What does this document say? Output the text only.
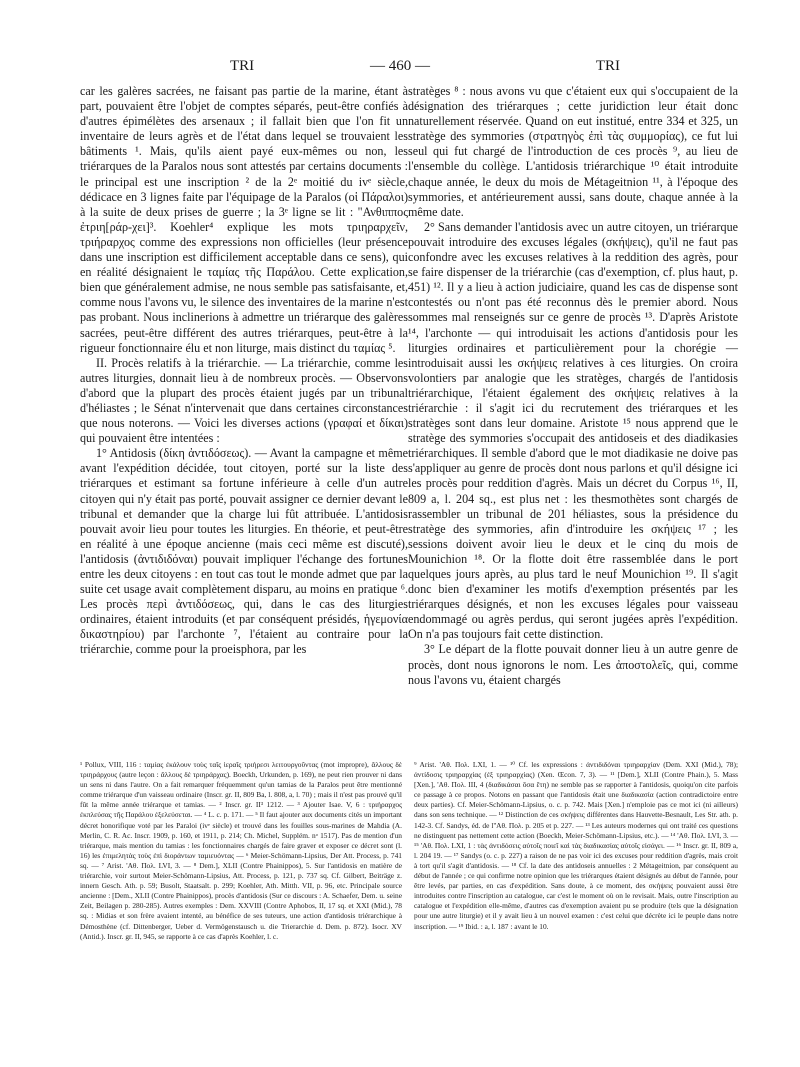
TRI	— 460 —	TRI

car les galères sacrées, ne faisant pas partie de la marine, étant à part, pouvaient être l'objet de comptes séparés, peut-être confiés à d'autres épimélètes des arsenaux ; il fallait bien que l'on fit un inventaire de leurs agrès et de l'état dans lequel se trouvaient les bâtiments ¹. Mais, qu'ils aient payé eux-mêmes ou non, les triérarques de la Paralos nous sont attestés par certains documents : le principal est une inscription ² de la 2ᵉ moitié du ivᵉ siècle, dédicace en 3 lignes faite par l'équipage de la Paralos (οἱ Πάραλοι) à la suite de deux prises de guerre ; la 3ᵉ ligne se lit : "Ανθιππος ἐτριη[ράρ-χει]³. Koehler⁴ explique les mots τριηραρχεῖν, τριήραρχος comme des expressions non officielles (leur présence dans une inscription est difficilement acceptable dans ce sens), qui en réalité désignaient le ταμίας τῆς Παράλου. Cette explication, bien que généralement admise, ne nous semble pas satisfaisante, et, comme nous l'avons vu, le silence des inventaires de la marine n'est pas probant. Nous inclinerions à admettre un triérarque des galères sacrées, peut-être différent des autres triérarques, peut-être à la rigueur fonctionnaire élu et non liturge, mais distinct du ταμίας ⁵.

II. Procès relatifs à la triérarchie. — La triérarchie, comme les autres liturgies, donnait lieu à de nombreux procès. — Observons d'abord que la plupart des procès étaient jugés par un tribunal d'héliastes ; le Sénat n'intervenait que dans certaines circonstances que nous noterons. — Voici les diverses actions (γραφαί et δίκαι) qui pouvaient être intentées :

1° Antidosis (δίκη ἀντιδόσεως). — Avant la campagne et même avant l'expédition décidée, tout citoyen, porté sur la liste des triérarques et estimant sa fortune inférieure à celle d'un autre citoyen qui n'y était pas porté, pouvait assigner ce dernier devant le tribunal et demander que la charge lui fût attribuée. L'antidosis pouvait avoir lieu pour toutes les liturgies. En théorie, et peut-être en réalité à une époque ancienne (mais ceci même est discuté), l'antidosis (ἀντιδιδόναι) pouvait impliquer l'échange des fortunes entre les deux citoyens : en tout cas tout le monde admet que par la suite cet usage avait complètement disparu, au moins en pratique ⁶. Les procès περὶ ἀντιδόσεως, qui, dans le cas des liturgies ordinaires, étaient introduits (et par conséquent présidés, ἡγεμονία δικαστηρίου) par l'archonte ⁷, l'étaient au contraire pour la triérarchie, comme pour la proeisphora, par les

stratèges ⁸ : nous avons vu que c'étaient eux qui s'occupaient de la désignation des triérarques ; cette juridiction leur était donc naturellement réservée. Quand on eut institué, entre 334 et 325, un stratège des symmories (στρατηγὸς ἐπὶ τὰς συμμορίας), ce fut lui seul qui fut chargé de l'introduction de ces procès ⁹, au lieu de l'ensemble du collège. L'antidosis triérarchique ¹⁰ était introduite chaque année, le deux du mois de Métageitnion ¹¹, à l'époque des symmories, et antérieurement aussi, sans doute, chaque année à la même date.

2° Sans demander l'antidosis avec un autre citoyen, un triérarque pouvait introduire des excuses légales (σκήψεις), qu'il ne faut pas confondre avec les excuses relatives à la reddition des agrès, pour se faire dispenser de la triérarchie (cas d'exemption, cf. plus haut, p. 451) ¹². Il y a lieu à action judiciaire, quand les cas de dispense sont contestés ou n'ont pas été reconnus dès le premier abord. Nous sommes mal renseignés sur ce genre de procès ¹³. D'après Aristote ¹⁴, l'archonte — qui introduisait les actions d'antidosis pour les liturgies ordinaires et particulièrement pour la chorégie — introduisait aussi les σκήψεις relatives à ces liturgies. On croira volontiers par analogie que les stratèges, chargés de l'antidosis triérarchique, l'étaient également des σκήψεις relatives à la triérarchie : il s'agit ici du recrutement des triérarques et les stratèges sont dans leur domaine. Aristote ¹⁵ nous apprend que le stratège des symmories s'occupait des antidoseis et des diadikasies triérarchiques. Il semble d'abord que le mot diadikasie ne doive pas s'appliquer au genre de procès dont nous parlons et qu'il désigne ici les procès pour reddition d'agrès. Mais un décret du Corpus ¹⁶, II, 809 a, l. 204 sq., est plus net : les thesmothètes sont chargés de rassembler un tribunal de 201 héliastes, sous la présidence du stratège des symmories, afin d'introduire les σκήψεις ¹⁷ ; les sessions doivent avoir lieu le deux et le cinq du mois de Mounichion ¹⁸. Or la flotte doit être rassemblée dans le port quelques jours après, au plus tard le neuf Mounichion ¹⁹. Il s'agit donc bien d'examiner les motifs d'exemption présentés par les triérarques désignés, et non les excuses légales pour vaisseau endommagé ou agrès perdus, qui seront jugées après l'expédition. On n'a pas toujours fait cette distinction.

3° Le départ de la flotte pouvait donner lieu à un autre genre de procès, dont nous ignorons le nom. Les ἀποστολεῖς, qui, comme nous l'avons vu, étaient chargés

¹ Pollux, VIII, 116 : ταμίας ἐκάλουν τοὺς ταῖς ἱεραῖς τριήρεσι λειτουργοῦντας (mot impropre), ἄλλους δὲ τριηράρχους (autre leçon : ἄλλους δὲ τριηράρχας). Boeckh, Urkunden, p. 169), ne peut rien prouver ni dans un sens ni dans l'autre. On a fait remarquer fréquemment qu'un tamias de la Paralos peut être mentionné comme triérarque d'un vaisseau ordinaire (Inscr. gr. II, 809 Ba, l. 808, a, l. 70) ; mais il n'est pas prouvé qu'il fût la même année triérarque et tamias. — ² Inscr. gr. II³ 1212. — ³ Ajouter Isae. V, 6 : τριήραρχος ἐκπλεύσας τῆς Παράλου ἐξελεύσεται. — ⁴ L. c. p. 171. — ⁵ Il faut ajouter aux documents cités un important décret honorifique voté par les Paraloi (ivᵉ siècle) et trouvé dans les fouilles sous-marines de Mahdia (A. Merlin, C. R. Ac. Inscr. 1909, p. 160, et 1911, p. 214; Ch. Michel, Supplém. nᵒ 1517). Pas de mention d'un triérarque, mais mention du tamias : les fonctionnaires chargés de faire graver et exposer ce décret sont (l. 16) les ἐπιμελητὰς τοὺς ἐπὶ διοράντων ταμιευόντας — ⁶ Meier-Schömann-Lipsius, Der Att. Process, p. 741 sq. — ⁷ Arist. 'Αθ. Πολ. LVI, 3. — ⁸ Dem.], XLII (Contre Phainippos), 5. Sur l'antidosis en matière de triérarchie, voir surtout Meier-Schömann-Lipsius, Att. Process, p. 121, p. 737 sq. Cf. Gilbert, Beiträge z. innern Gesch. Ath. p. 59; Busolt, Staatsalt. p. 299; Koehler, Ath. Mitth. VII, p. 96, etc. Principale source ancienne : [Dem., XLII (Contre Phainippos), procès d'antidosis (Sur ce discours : A. Schaefer, Dem. u. seine Zeit, Beilagen p. 280-285). Autres exemples : Dem. XXVIII (Contre Aphobos, II, 17 sq. et XXI (Mid.), 78 sq. : Midias et son frère avaient intenté, au bénéfice de ses tuteurs, une action d'antidosis triérarchique à Démosthène (cf. Dittenberger, Ueber d. Vermögenstausch u. die Trierarchie d. Dem. p. 872). Isocr. XV (Antid.). Inscr. gr. II, 945, se rapporte à ce cas d'après Koehler, l. c.

⁹ Arist. 'Αθ. Πολ. LXI, 1. — ¹⁰ Cf. les expressions : ἀντιδιδόναι τριηραρχίαν (Dem. XXI (Mid.), 78); ἀντίδοσις τριηραρχίας (ἐξ τριηραρχίας) (Xen. Œcon. 7, 3). — ¹¹ [Dem.], XLII (Contre Phain.), 5. Mass [Xen.], 'Αθ. Πολ. III, 4 (διαδικάσαι ὅσα ἔτη) ne semble pas se rapporter à l'antidosis, quoiqu'on cite parfois ce passage à ce propos. Notons en passant que l'antidosis était une διαδικασία (action contradictoire entre deux parties). Cf. Meier-Schömann-Lipsius, o. c. p. 742. Mais [Xen.] n'emploie pas ce mot ici (ni ailleurs) dans son sens technique. — ¹² Distinction de ces σκήψεις différentes dans Hauvette-Besnault, Les Str. ath. p. 142-3. Cf. Sandys, éd. de l''Αθ. Πολ. p. 205 et p. 227. — ¹³ Les auteurs modernes qui ont traité ces questions ne distinguent pas nettement cette action (Boeckh, Meier-Schömann-Lipsius, etc.). — ¹⁴ 'Αθ. Πολ. LVI, 3. — ¹⁵ 'Αθ. Πολ. LXI, 1 : τὰς ἀντιδόσεις αὐτοῖς ποιεῖ καὶ τὰς διαδικασίας αὐτοῖς εἰσάγει. — ¹⁶ Inscr. gr. II, 809 a, l. 204 19. — ¹⁷ Sandys (o. c. p. 227) a raison de ne pas voir ici des excuses pour reddition d'agrès, mais croit à tort qu'il s'agit d'antidosis. — ¹⁸ Cf. la date des antidoseis annuelles : 2 Métageitnion, par conséquent au début de l'année ; ce qui confirme notre opinion que les triérarques étaient désignés au début de l'année, pour être levés, par parties, en cas d'expédition. Sans doute, à ce moment, des σκήψεις pouvaient aussi être introduites contre l'inscription au catalogue, car c'est le moment où on le revisait. Mais, outre l'inscription au catalogue et l'expédition elle-même, d'autres cas d'exemption avaient pu se produire (tels que la désignation pour une autre liturgie) et il y avait lieu à un nouvel examen : c'est celui que décrète ici le peuple dans notre inscription. — ¹⁹ Ibid. : a, l. 187 : avant le 10.
